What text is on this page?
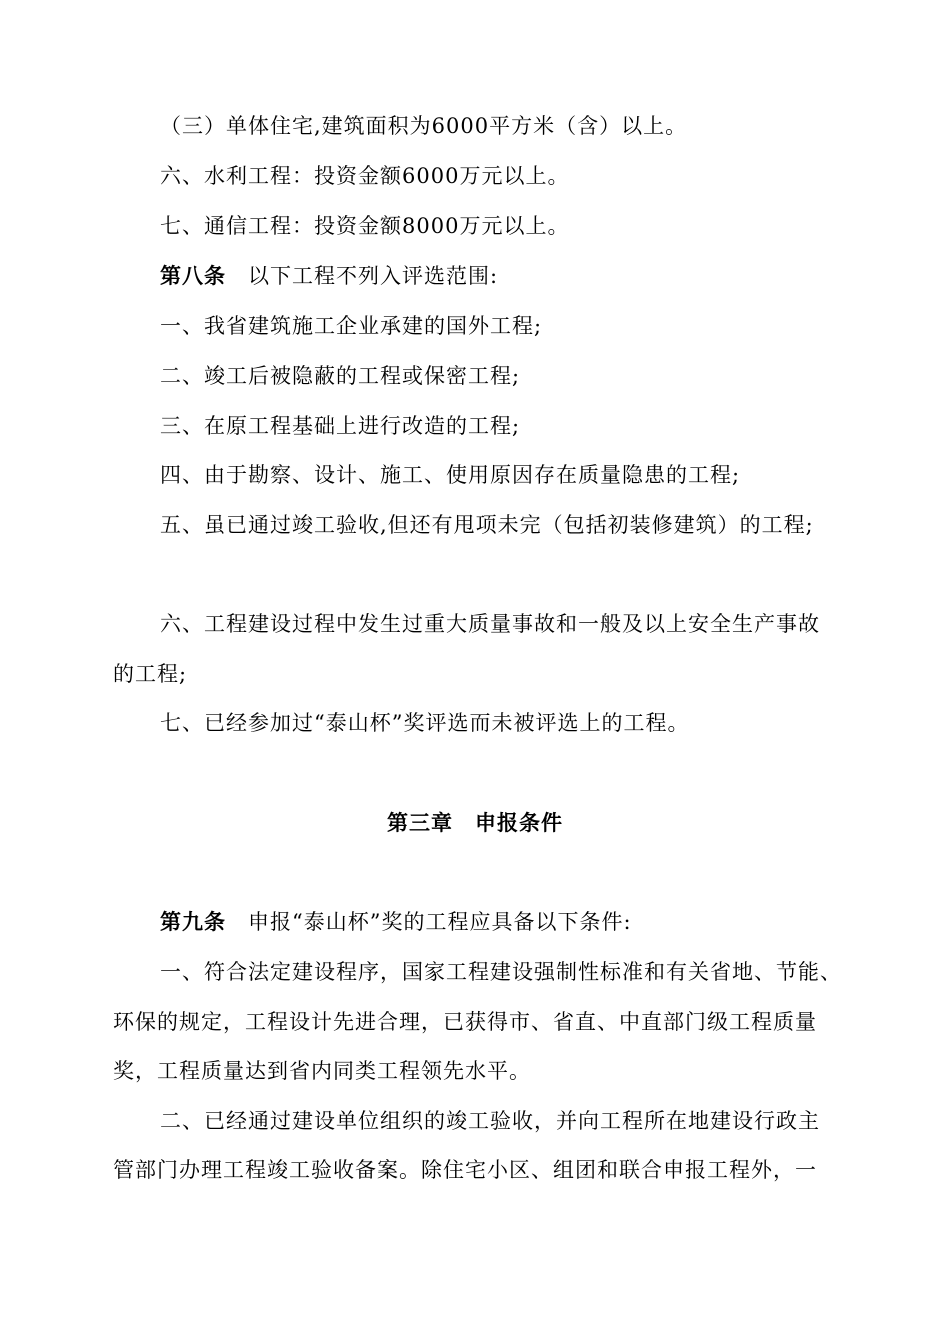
（三）单体住宅,建筑面积为6000平方米（含）以上。
六、水利工程：投资金额6000万元以上。
七、通信工程：投资金额8000万元以上。
第八条 以下工程不列入评选范围:
一、我省建筑施工企业承建的国外工程;
二、竣工后被隐蔽的工程或保密工程;
三、在原工程基础上进行改造的工程;
四、由于勘察、设计、施工、使用原因存在质量隐患的工程;
五、虽已通过竣工验收,但还有甩项未完（包括初装修建筑）的工程;
六、工程建设过程中发生过重大质量事故和一般及以上安全生产事故
的工程;
七、已经参加过“泰山杯”奖评选而未被评选上的工程。
第三章　申报条件
第九条 申报“泰山杯”奖的工程应具备以下条件:
一、符合法定建设程序，国家工程建设强制性标准和有关省地、节能、
环保的规定，工程设计先进合理，已获得市、省直、中直部门级工程质量
奖，工程质量达到省内同类工程领先水平。
二、已经通过建设单位组织的竣工验收，并向工程所在地建设行政主
管部门办理工程竣工验收备案。除住宅小区、组团和联合申报工程外，一
